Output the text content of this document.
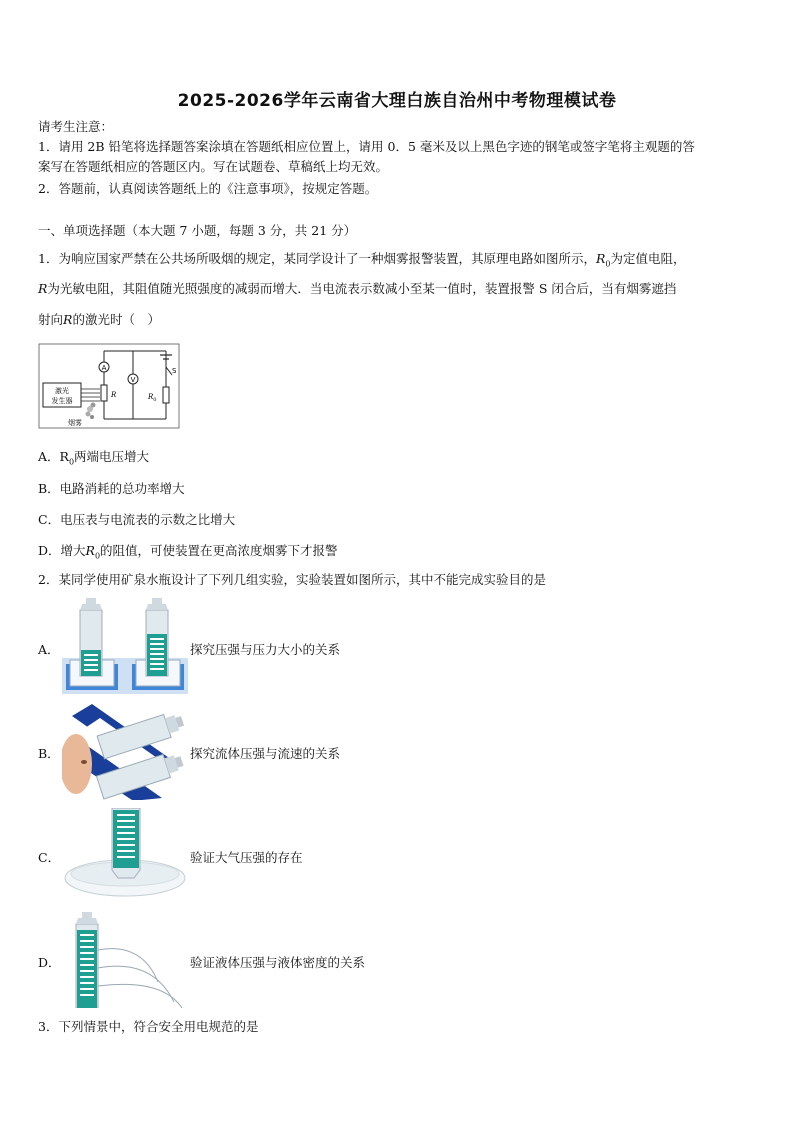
2025-2026学年云南省大理白族自治州中考物理模试卷
请考生注意：
1．请用 2B 铅笔将选择题答案涂填在答题纸相应位置上，请用 0．5 毫米及以上黑色字迹的钢笔或签字笔将主观题的答
案写在答题纸相应的答题区内。写在试题卷、草稿纸上均无效。
2．答题前，认真阅读答题纸上的《注意事项》，按规定答题。
一、单项选择题（本大题 7 小题，每题 3 分，共 21 分）
1．为响应国家严禁在公共场所吸烟的规定，某同学设计了一种烟雾报警装置，其原理电路如图所示，$R_0$为定值电阻，
R为光敏电阻，其阻值随光照强度的减弱而增大．当电流表示数减小至某一值时，装置报警 S 闭合后，当有烟雾遮挡
射向R的激光时（　）
A
V
R
S
$R_0$
激光
发生器
烟雾
A．$R_0$两端电压增大
B．电路消耗的总功率增大
C．电压表与电流表的示数之比增大
D．增大$R_0$的阻值，可使装置在更高浓度烟雾下才报警
2．某同学使用矿泉水瓶设计了下列几组实验，实验装置如图所示，其中不能完成实验目的是
A．	探究压强与压力大小的关系
B．	探究流体压强与流速的关系
C．	验证大气压强的存在
D．	验证液体压强与液体密度的关系
3．下列情景中，符合安全用电规范的是
